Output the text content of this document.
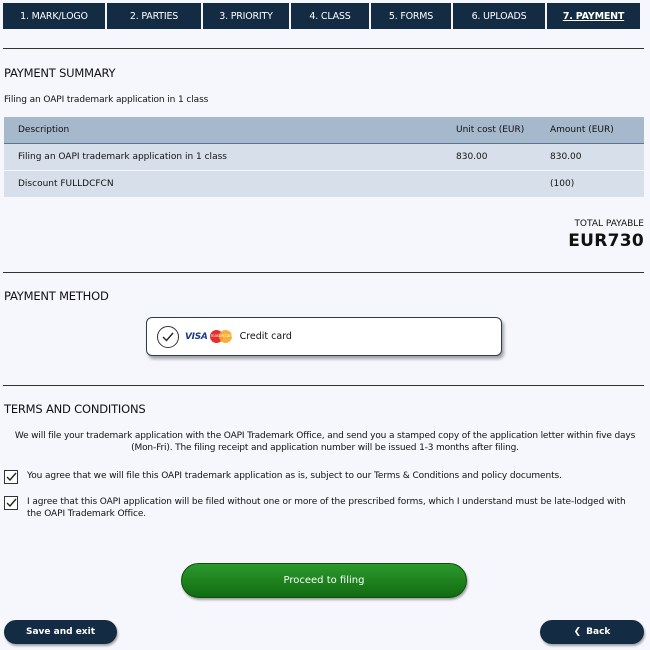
1. MARK/LOGO	2. PARTIES	3. PRIORITY	4. CLASS	5. FORMS	6. UPLOADS	7. PAYMENT
PAYMENT SUMMARY
Filing an OAPI trademark application in 1 class
Description	Unit cost (EUR)	Amount (EUR)
Filing an OAPI trademark application in 1 class	830.00	830.00
Discount FULLDCFCN		(100)
TOTAL PAYABLE
EUR730
PAYMENT METHOD
VISA mastercard Credit card
TERMS AND CONDITIONS
We will file your trademark application with the OAPI Trademark Office, and send you a stamped copy of the application letter within five days (Mon-Fri). The filing receipt and application number will be issued 1-3 months after filing.
You agree that we will file this OAPI trademark application as is, subject to our Terms & Conditions and policy documents.
I agree that this OAPI application will be filed without one or more of the prescribed forms, which I understand must be late-lodged with the OAPI Trademark Office.
Proceed to filing
Save and exit	❮ Back
